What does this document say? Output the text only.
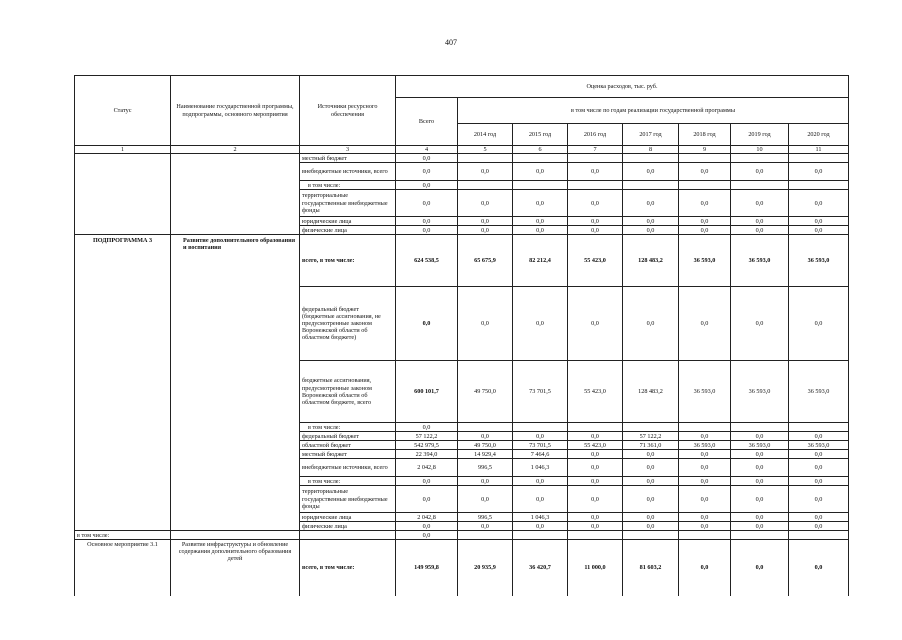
407
Статус	Наименование государственной программы, подпрограммы, основного мероприятия	Источники ресурсного обеспечения	Оценка расходов, тыс. руб.							
			Всего	в том числе по годам реализации государственной программы						
				2014 год	2015 год	2016 год	2017 год	2018 год	2019 год	2020 год
1	2	3	4	5	6	7	8	9	10	11
		местный бюджет	0,0							
		внебюджетные источники, всего	0,0	0,0	0,0	0,0	0,0	0,0	0,0	0,0
		в том числе:	0,0							
		территориальные государственные внебюджетные фонды	0,0	0,0	0,0	0,0	0,0	0,0	0,0	0,0
		юридические лица	0,0	0,0	0,0	0,0	0,0	0,0	0,0	0,0
		физические лица	0,0	0,0	0,0	0,0	0,0	0,0	0,0	0,0
ПОДПРОГРАММА 3	Развитие дополнительного образования и воспитания	всего, в том числе:	624 538,5	65 675,9	82 212,4	55 423,0	128 483,2	36 593,0	36 593,0	36 593,0
		федеральный бюджет (бюджетные ассигнования, не предусмотренные законом Воронежской области об областном бюджете)	0,0	0,0	0,0	0,0	0,0	0,0	0,0	0,0
		бюджетные ассигнования, предусмотренные законом Воронежской области об областном бюджете, всего	600 101,7	49 750,0	73 701,5	55 423,0	128 483,2	36 593,0	36 593,0	36 593,0
		в том числе:	0,0							
		федеральный бюджет	57 122,2	0,0	0,0	0,0	57 122,2	0,0	0,0	0,0
		областной бюджет	542 979,5	49 750,0	73 701,5	55 423,0	71 361,0	36 593,0	36 593,0	36 593,0
		местный бюджет	22 394,0	14 929,4	7 464,6	0,0	0,0	0,0	0,0	0,0
		внебюджетные источники, всего	2 042,8	996,5	1 046,3	0,0	0,0	0,0	0,0	0,0
		в том числе:	0,0	0,0	0,0	0,0	0,0	0,0	0,0	0,0
		территориальные государственные внебюджетные фонды	0,0	0,0	0,0	0,0	0,0	0,0	0,0	0,0
		юридические лица	2 042,8	996,5	1 046,3	0,0	0,0	0,0	0,0	0,0
		физические лица	0,0	0,0	0,0	0,0	0,0	0,0	0,0	0,0
в том числе:			0,0							
Основное мероприятие 3.1	Развитие инфраструктуры и обновление содержания дополнительного образования детей	всего, в том числе:	149 959,8	20 935,9	36 420,7	11 000,0	81 603,2	0,0	0,0	0,0
